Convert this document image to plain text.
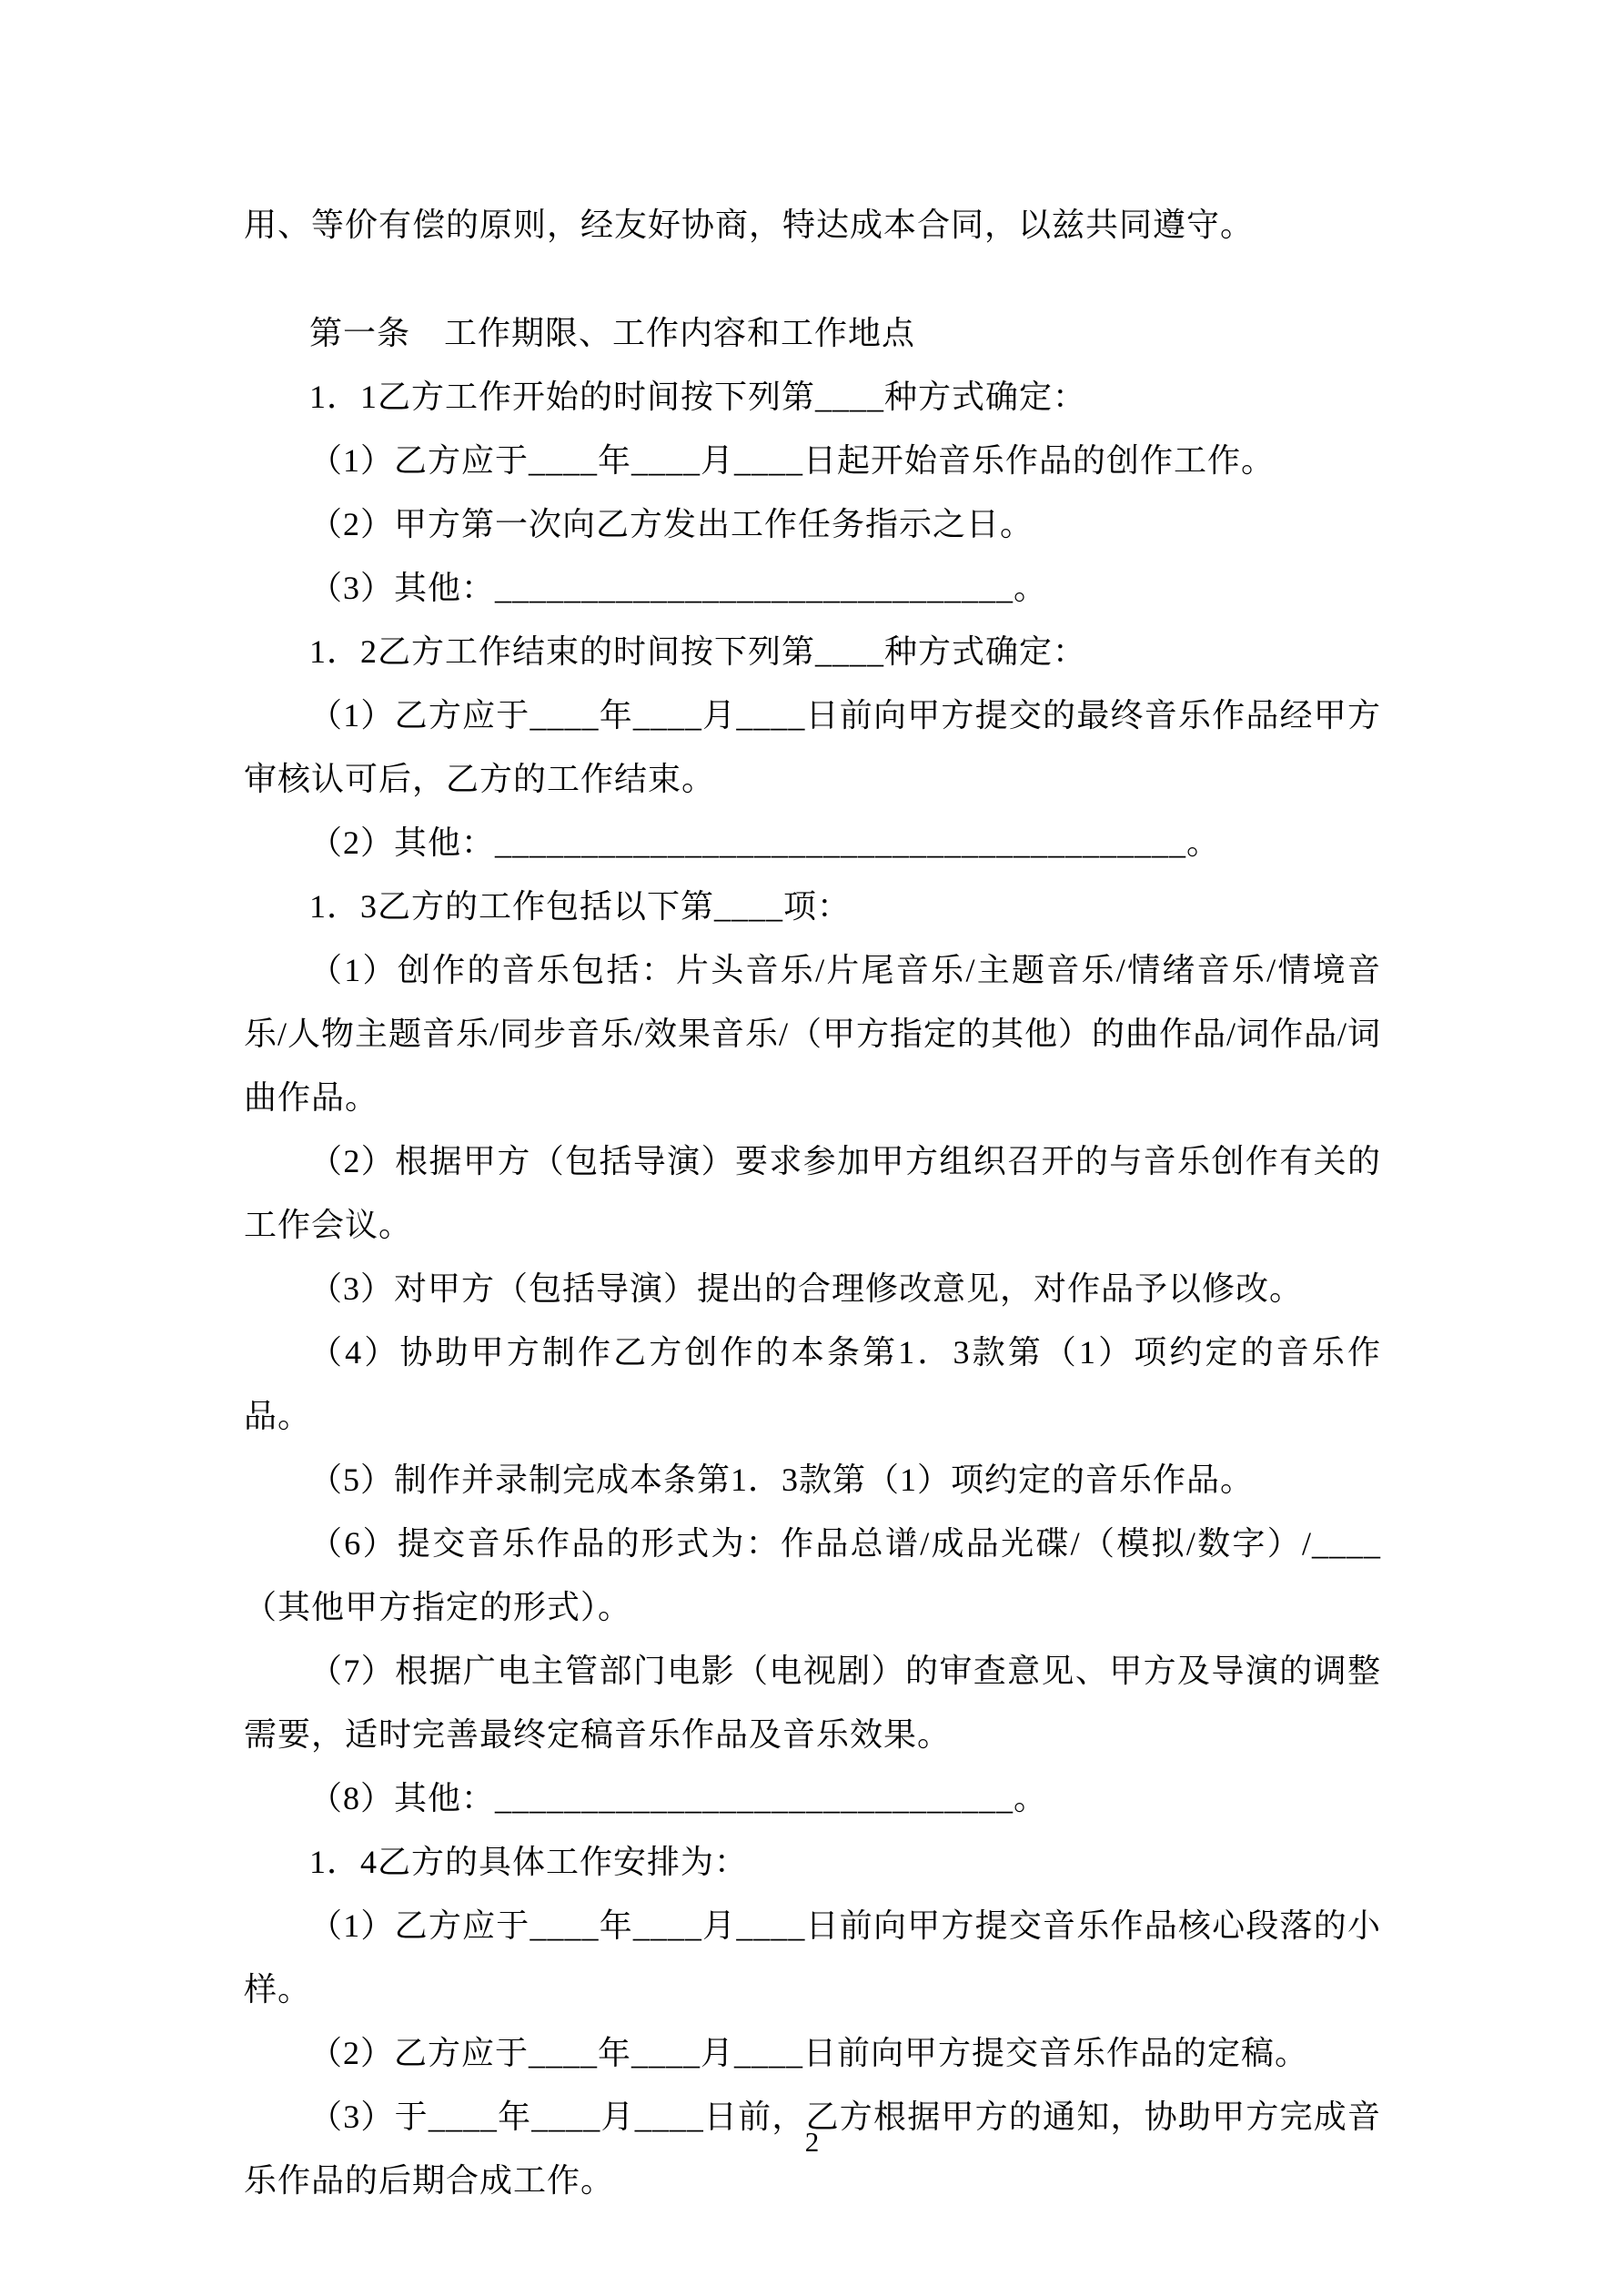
用、等价有偿的原则，经友好协商，特达成本合同，以兹共同遵守。

第一条　工作期限、工作内容和工作地点

1．1乙方工作开始的时间按下列第____种方式确定：

（1）乙方应于____年____月____日起开始音乐作品的创作工作。

（2）甲方第一次向乙方发出工作任务指示之日。

（3）其他：______________________________。

1．2乙方工作结束的时间按下列第____种方式确定：

（1）乙方应于____年____月____日前向甲方提交的最终音乐作品经甲方审核认可后，乙方的工作结束。

（2）其他：________________________________________。

1．3乙方的工作包括以下第____项：

（1）创作的音乐包括：片头音乐/片尾音乐/主题音乐/情绪音乐/情境音乐/人物主题音乐/同步音乐/效果音乐/（甲方指定的其他）的曲作品/词作品/词曲作品。

（2）根据甲方（包括导演）要求参加甲方组织召开的与音乐创作有关的工作会议。

（3）对甲方（包括导演）提出的合理修改意见，对作品予以修改。

（4）协助甲方制作乙方创作的本条第1．3款第（1）项约定的音乐作品。

（5）制作并录制完成本条第1．3款第（1）项约定的音乐作品。

（6）提交音乐作品的形式为：作品总谱/成品光碟/（模拟/数字）/____（其他甲方指定的形式）。

（7）根据广电主管部门电影（电视剧）的审查意见、甲方及导演的调整需要，适时完善最终定稿音乐作品及音乐效果。

（8）其他：______________________________。

1．4乙方的具体工作安排为：

（1）乙方应于____年____月____日前向甲方提交音乐作品核心段落的小样。

（2）乙方应于____年____月____日前向甲方提交音乐作品的定稿。

（3）于____年____月____日前，乙方根据甲方的通知，协助甲方完成音乐作品的后期合成工作。

2
